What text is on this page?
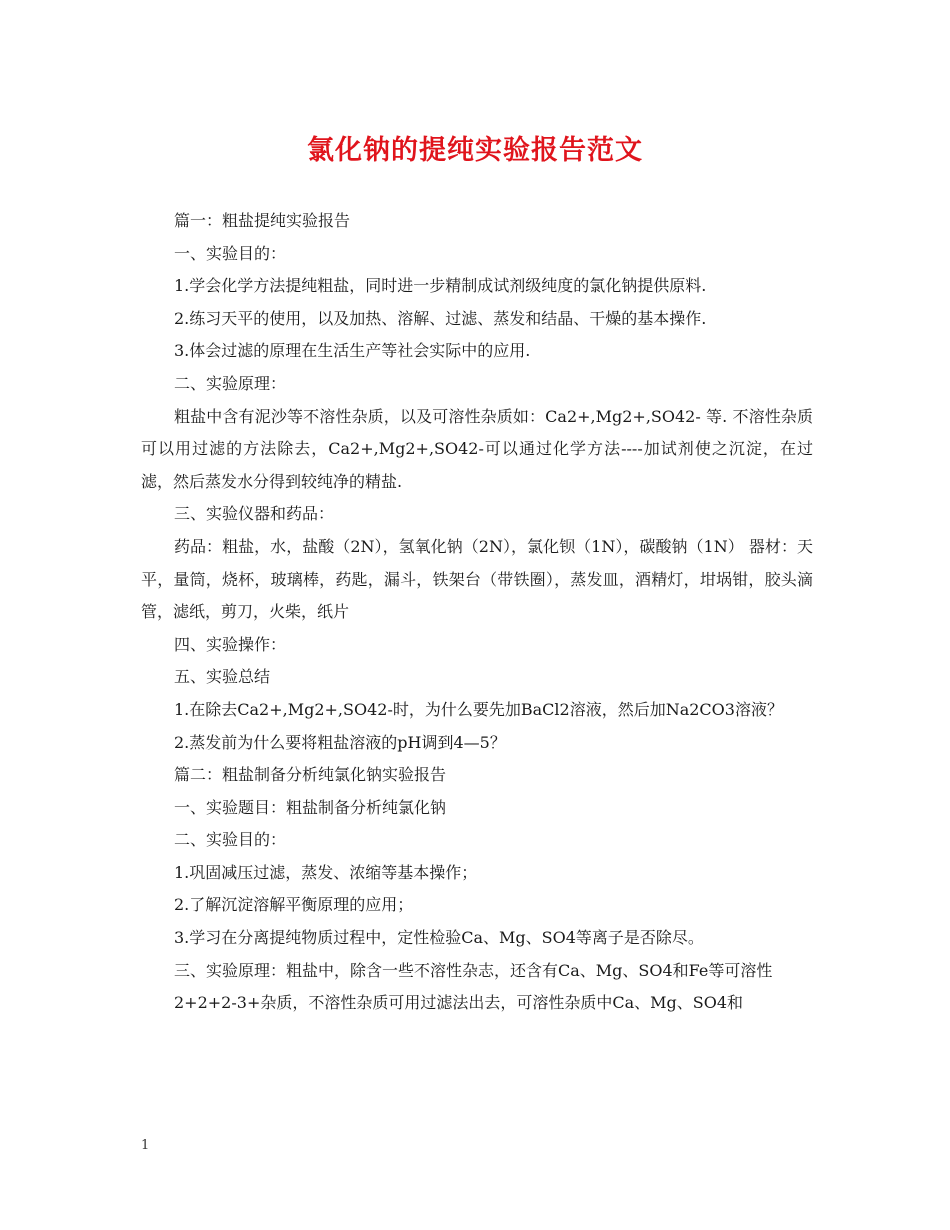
氯化钠的提纯实验报告范文

篇一：粗盐提纯实验报告

一、实验目的：

1.学会化学方法提纯粗盐，同时进一步精制成试剂级纯度的氯化钠提供原料.

2.练习天平的使用，以及加热、溶解、过滤、蒸发和结晶、干燥的基本操作.

3.体会过滤的原理在生活生产等社会实际中的应用.

二、实验原理：

粗盐中含有泥沙等不溶性杂质，以及可溶性杂质如：Ca2+,Mg2+,SO42- 等. 不溶性杂质可以用过滤的方法除去，Ca2+,Mg2+,SO42-可以通过化学方法----加试剂使之沉淀，在过滤，然后蒸发水分得到较纯净的精盐.

三、实验仪器和药品：

药品：粗盐，水，盐酸（2N），氢氧化钠（2N），氯化钡（1N），碳酸钠（1N） 器材：天平，量筒，烧杯，玻璃棒，药匙，漏斗，铁架台（带铁圈），蒸发皿，酒精灯，坩埚钳，胶头滴管，滤纸，剪刀，火柴，纸片

四、实验操作：

五、实验总结

1.在除去Ca2+,Mg2+,SO42-时，为什么要先加BaCl2溶液，然后加Na2CO3溶液？

2.蒸发前为什么要将粗盐溶液的pH调到4—5？

篇二：粗盐制备分析纯氯化钠实验报告

一、实验题目：粗盐制备分析纯氯化钠

二、实验目的：

1.巩固减压过滤，蒸发、浓缩等基本操作；

2.了解沉淀溶解平衡原理的应用；

3.学习在分离提纯物质过程中，定性检验Ca、Mg、SO4等离子是否除尽。

三、实验原理：粗盐中，除含一些不溶性杂志，还含有Ca、Mg、SO4和Fe等可溶性

2+2+2-3+杂质，不溶性杂质可用过滤法出去，可溶性杂质中Ca、Mg、SO4和

1
